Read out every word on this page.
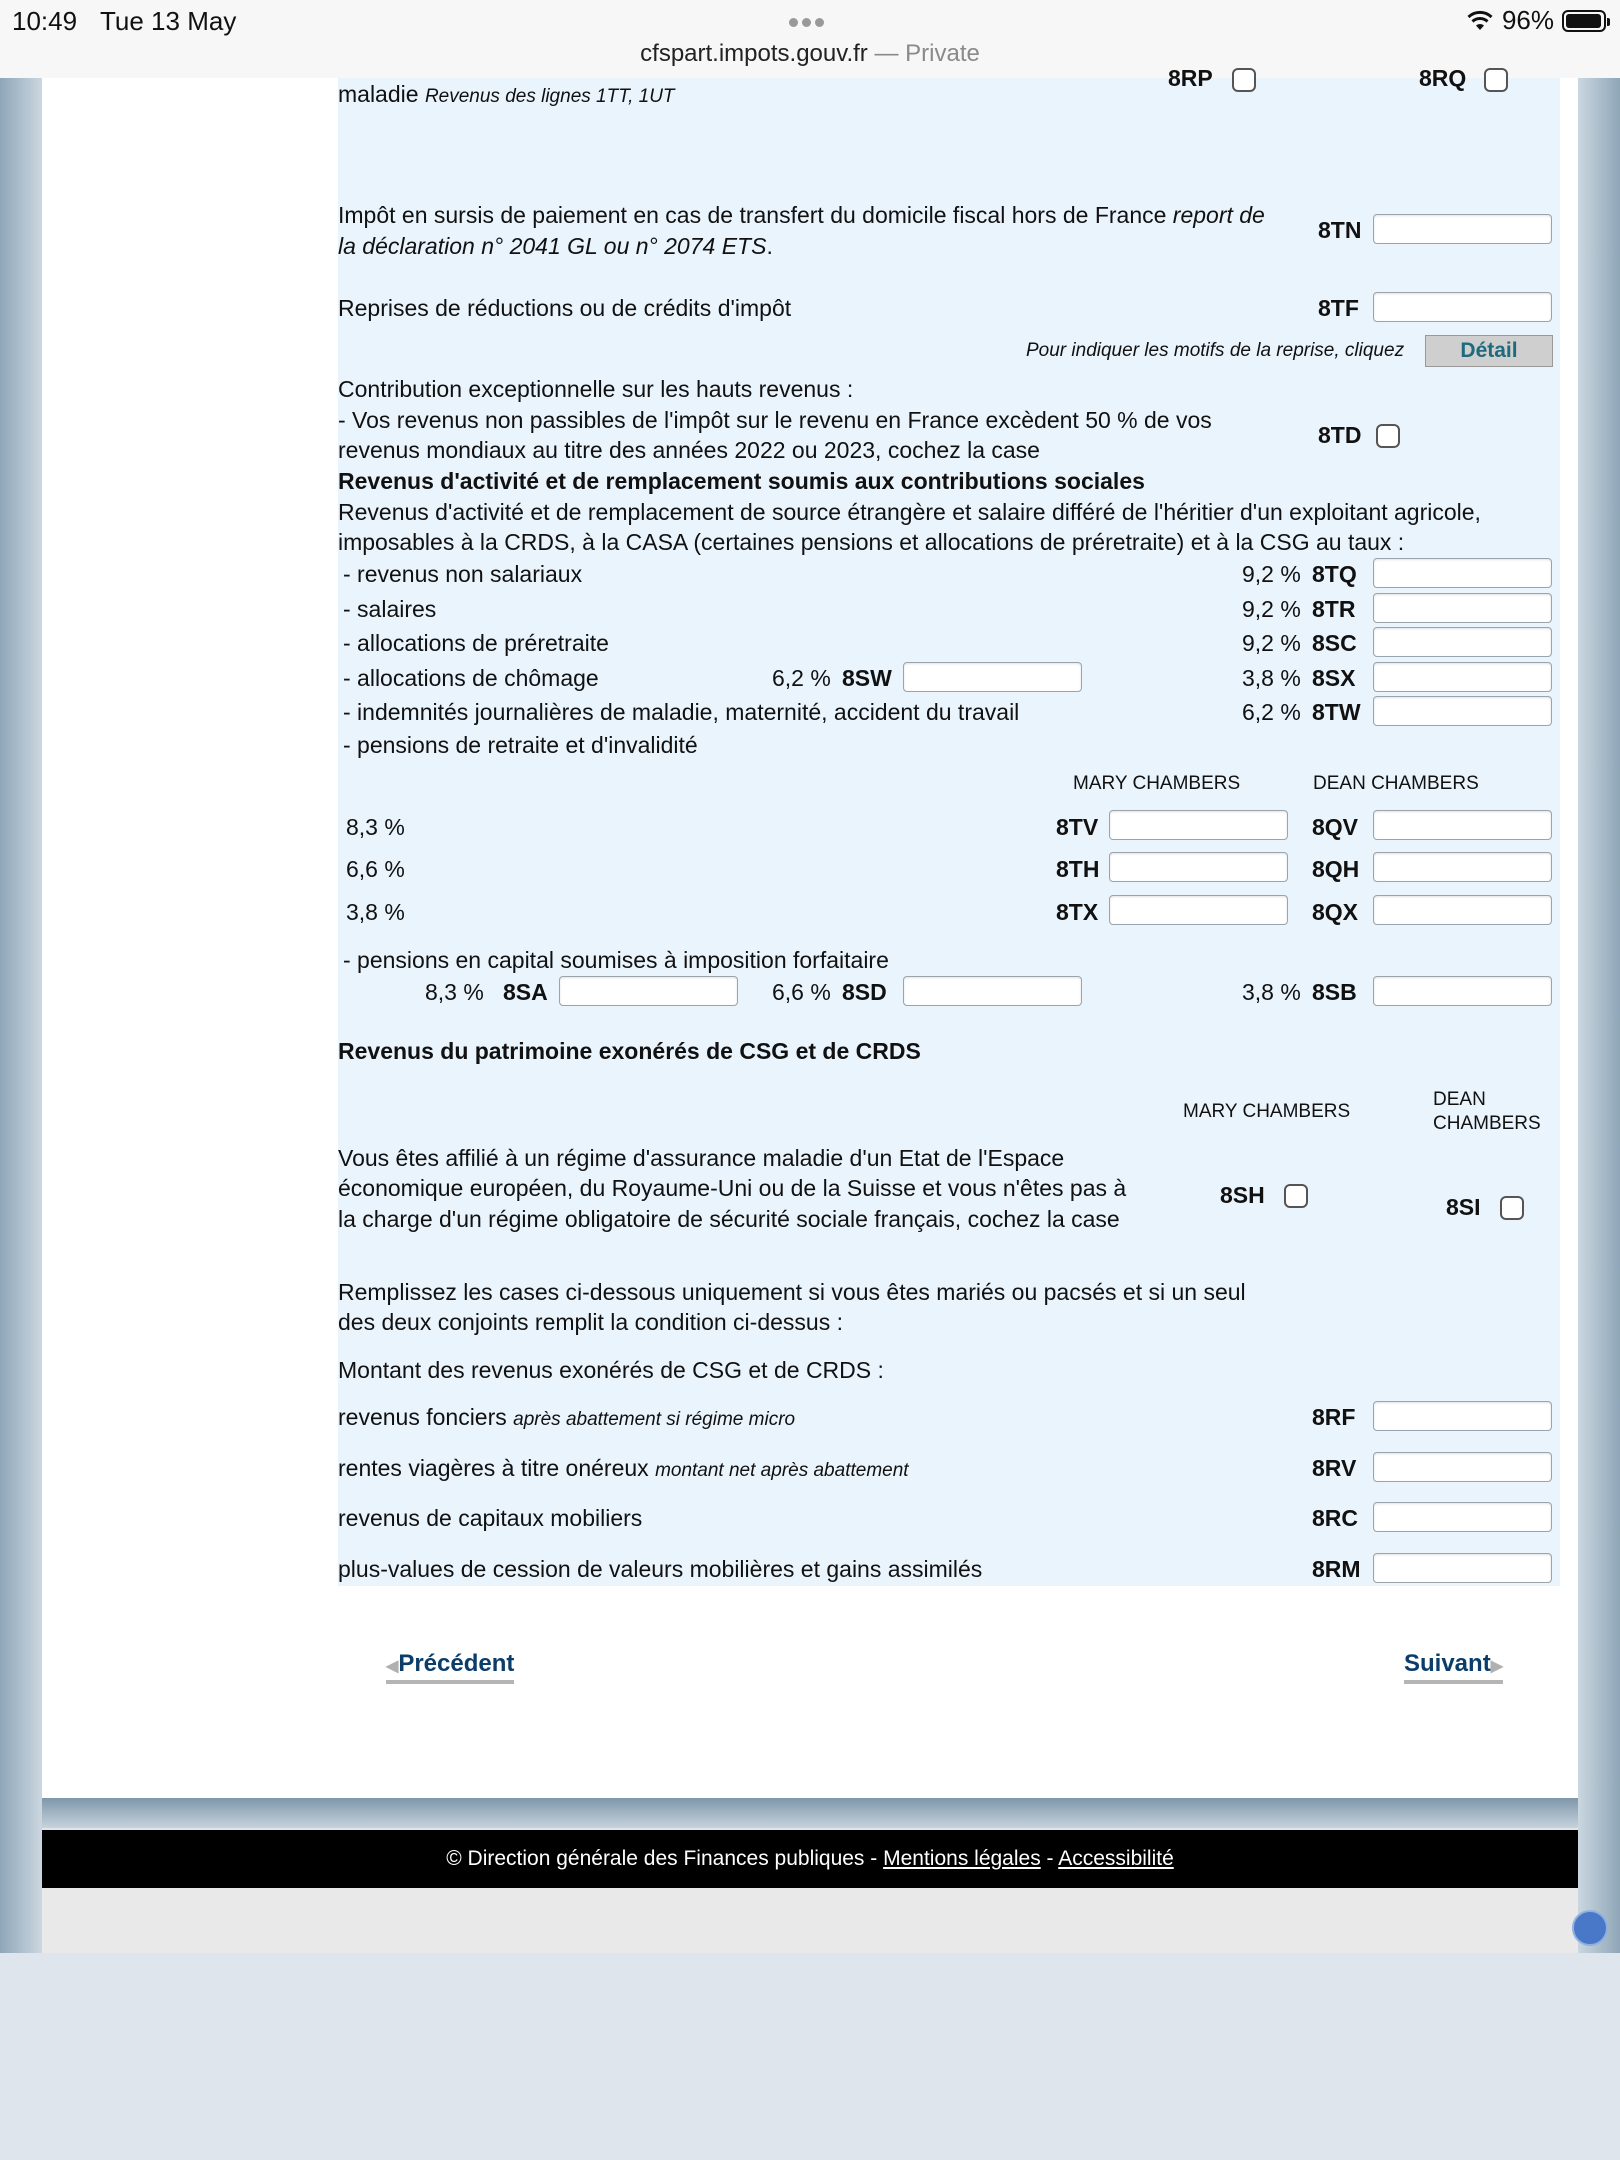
10:49 Tue 13 May
cfspart.impots.gouv.fr — Private
96%
maladie Revenus des lignes 1TT, 1UT
8RP	8RQ
Impôt en sursis de paiement en cas de transfert du domicile fiscal hors de France report de
la déclaration n° 2041 GL ou n° 2074 ETS.
8TN
Reprises de réductions ou de crédits d'impôt	8TF
Pour indiquer les motifs de la reprise, cliquez	Détail
Contribution exceptionnelle sur les hauts revenus :
- Vos revenus non passibles de l'impôt sur le revenu en France excèdent 50 % de vos
revenus mondiaux au titre des années 2022 ou 2023, cochez la case
8TD
Revenus d'activité et de remplacement soumis aux contributions sociales
Revenus d'activité et de remplacement de source étrangère et salaire différé de l'héritier d'un exploitant agricole,
imposables à la CRDS, à la CASA (certaines pensions et allocations de préretraite) et à la CSG au taux :
- revenus non salariaux	9,2 % 8TQ
- salaires	9,2 % 8TR
- allocations de préretraite	9,2 % 8SC
- allocations de chômage	6,2 % 8SW	3,8 % 8SX
- indemnités journalières de maladie, maternité, accident du travail	6,2 % 8TW
- pensions de retraite et d'invalidité
MARY CHAMBERS	DEAN CHAMBERS
8,3 %	8TV	8QV
6,6 %	8TH	8QH
3,8 %	8TX	8QX
- pensions en capital soumises à imposition forfaitaire
8,3 % 8SA	6,6 % 8SD	3,8 % 8SB
Revenus du patrimoine exonérés de CSG et de CRDS
MARY CHAMBERS
DEAN
CHAMBERS
Vous êtes affilié à un régime d'assurance maladie d'un Etat de l'Espace
économique européen, du Royaume-Uni ou de la Suisse et vous n'êtes pas à
la charge d'un régime obligatoire de sécurité sociale français, cochez la case
8SH	8SI
Remplissez les cases ci-dessous uniquement si vous êtes mariés ou pacsés et si un seul
des deux conjoints remplit la condition ci-dessus :
Montant des revenus exonérés de CSG et de CRDS :
revenus fonciers après abattement si régime micro	8RF
rentes viagères à titre onéreux montant net après abattement	8RV
revenus de capitaux mobiliers	8RC
plus-values de cession de valeurs mobilières et gains assimilés	8RM
◀Précédent	Suivant▶
© Direction générale des Finances publiques - Mentions légales - Accessibilité
